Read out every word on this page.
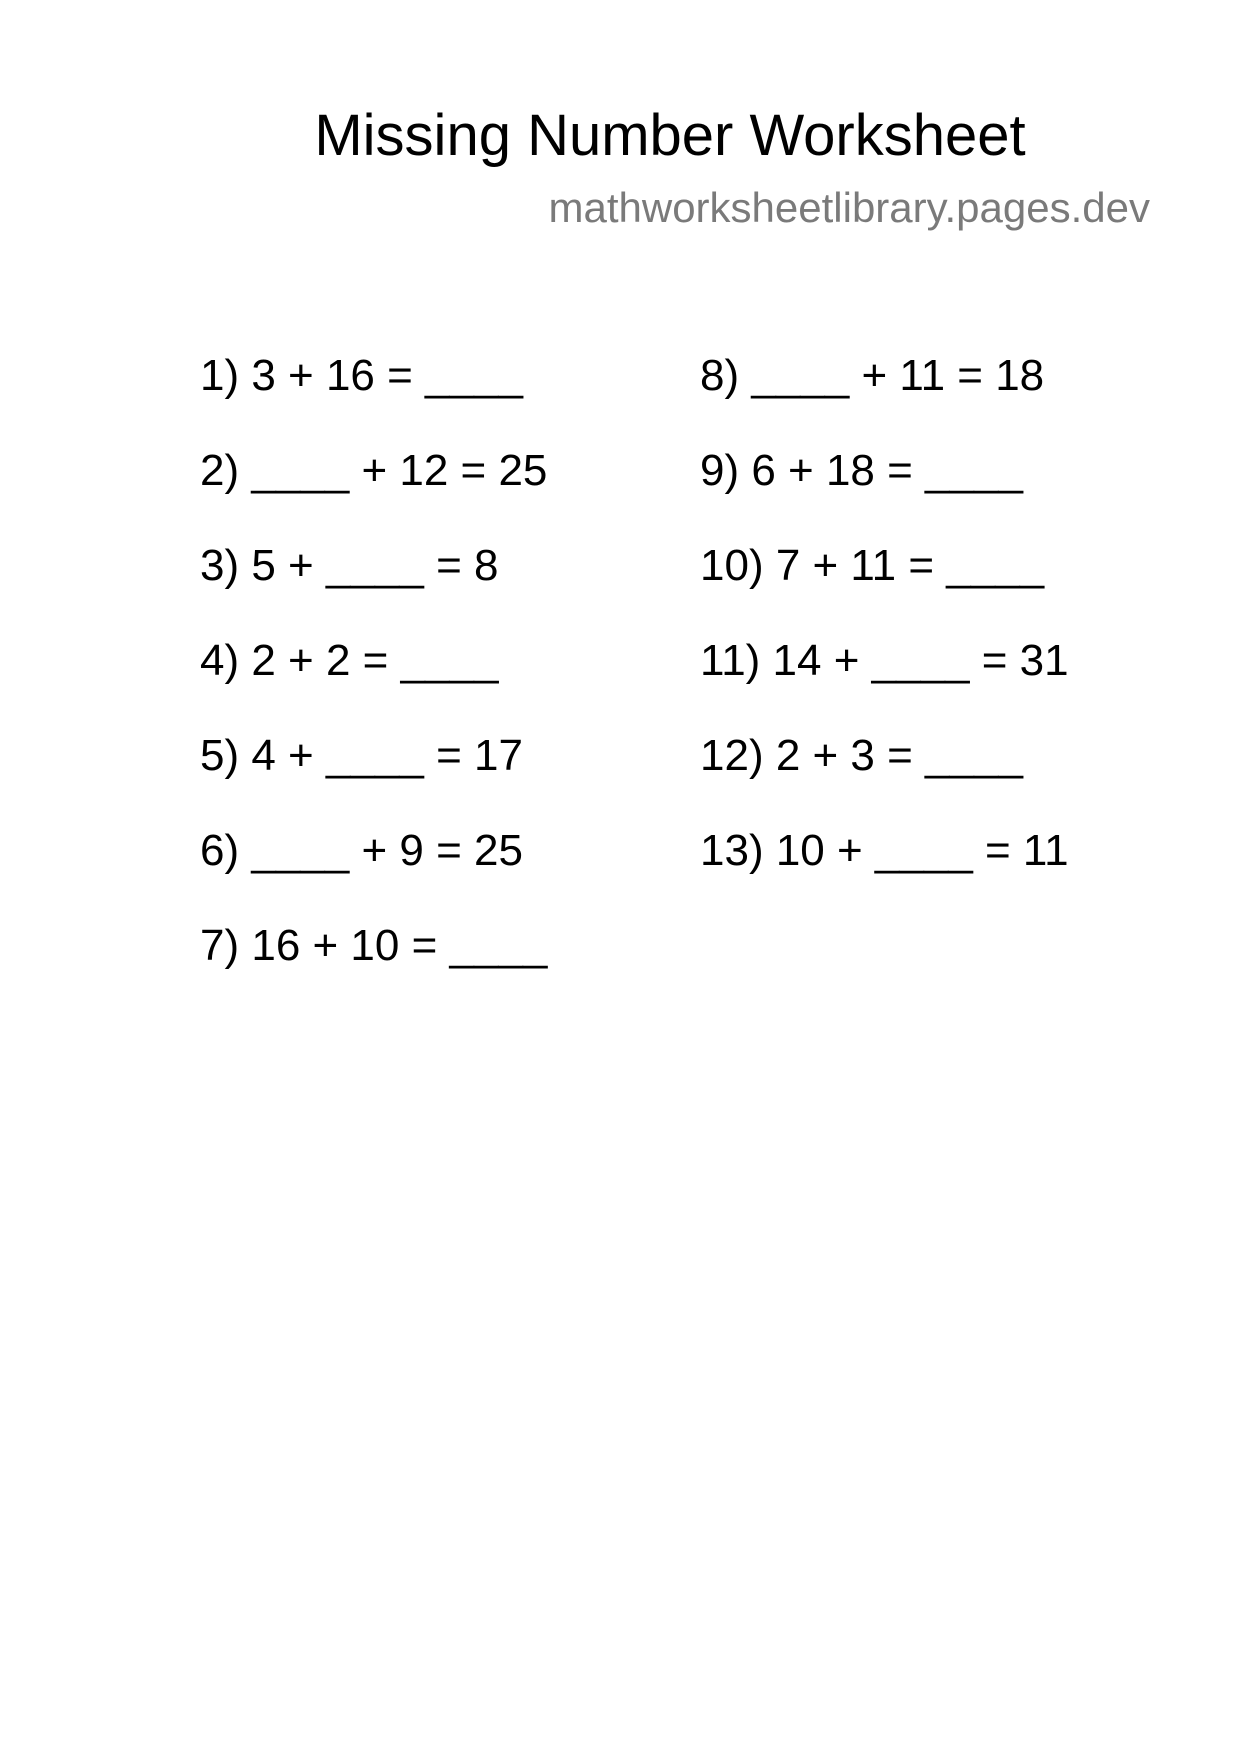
Missing Number Worksheet
mathworksheetlibrary.pages.dev
1) 3 + 16 = ____
2) ____ + 12 = 25
3) 5 + ____ = 8
4) 2 + 2 = ____
5) 4 + ____ = 17
6) ____ + 9 = 25
7) 16 + 10 = ____
8) ____ + 11 = 18
9) 6 + 18 = ____
10) 7 + 11 = ____
11) 14 + ____ = 31
12) 2 + 3 = ____
13) 10 + ____ = 11
